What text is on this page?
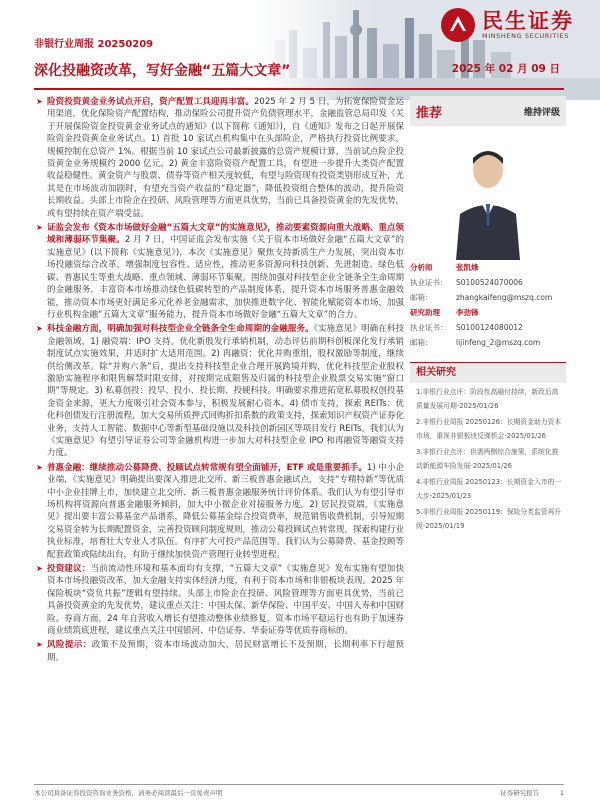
民生证券
MINSHENG SECURITIES
非银行业周报 20250209
深化投融资改革，写好金融“五篇大文章”	2025 年 02 月 09 日
➤ 险资投资黄金业务试点开启，资产配置工具迎再丰富。2025 年 2 月 5 日，为拓宽保险资金运用渠道，优化保险资产配置结构，推动保险公司提升资产负债管理水平，金融监管总局印发《关于开展保险资金投资黄金业务试点的通知》(以下简称《通知》)，自《通知》发布之日起开展保险资金投资黄金业务试点。1) 首批 10 家试点机构集中在头部险企，严格执行投资比例要求，规模控制在总资产 1%。根据当前 10 家试点公司最新披露的总资产规模计算，当前试点险企投资黄金业务规模约 2000 亿元。2) 黄金丰富险资资产配置工具，有望进一步提升大类资产配置收益稳健性。黄金资产与股票、债券等资产相关度较低，有望与险资现有投资类别形成互补，尤其是在市场波动加剧时，有望充当资产收益的“稳定器”，降低投资组合整体的波动，提升险资长期收益。头部上市险企在投研、风险管理等方面更具优势，当前已具备投资黄金的先发优势，或有望持续在资产端受益。
➤ 证监会发布《资本市场做好金融“五篇大文章”的实施意见》，推动要素资源向重大战略、重点领域和薄弱环节集聚。2 月 7 日，中国证监会发布实施《关于资本市场做好金融“五篇大文章”的实施意见》(以下简称《实施意见》)，本次《实施意见》聚焦支持新质生产力发展，突出资本市场投融资综合改革，增强制度包容性、适应性，推动更多资源向科技创新、先进制造、绿色低碳、普惠民生等重大战略、重点领域、薄弱环节集聚。围绕加强对科技型企业全链条全生命周期的金融服务，丰富资本市场推动绿色低碳转型的产品制度体系，提升资本市场服务普惠金融效能，推动资本市场更好满足多元化养老金融需求，加快推进数字化、智能化赋能资本市场，加强行业机构金融“五篇大文章”服务能力，提升资本市场做好金融“五篇大文章”的合力。
➤ 科技金融方面，明确加强对科技型企业全链条全生命周期的金融服务。《实施意见》明确在科技金融领域，1) 融资端：IPO 支持。优化新股发行承销机制，动态评估前期科创板深化发行承销制度试点实施效果，并适时扩大适用范围。2) 再融资：优化并购重组，股权激励等制度，继续供给侧改革。除“并购六条”后，提出支持科技型企业合理开展跨境并购，优化科技型企业股权激励实施程序和限售解禁时限安排，对按期完成限售及归属的科技型企业股票交易实施“窗口期”等规定。3) 私募创投：投早、投小、投长期、投硬科技。明确要求推进拓宽私募股权创投基金资金来源，更大力度吸引社会资本参与，积极发展耐心资本。4) 债市支持，探索 REITs：优化科创债发行注册流程，加大交易所质押式回购折扣系数的政策支持，探索知识产权资产证券化业务，支持人工智能、数据中心等新型基础设施以及科技创新园区等项目发行 REITs。我们认为《实施意见》有望引导证券公司等金融机构进一步加大对科技型企业 IPO 和再融资等融资支持力度。
➤ 普惠金融：继续推动公募降费、投顾试点转常规有望全面铺开，ETF 或是重要抓手。1) 中小企业端，《实施意见》明确提出要深入推进北交所、新三板普惠金融试点，支持“专精特新”等优质中小企业挂牌上市，加快建立北交所、新三板普惠金融服务统计评价体系。我们认为有望引导市场机构将资源向普惠金融服务倾斜，加大中小微企业对接服务力度。2) 居民投资端，《实施意见》提出要丰富公募基金产品谱系，降低公募基金综合投资费率，规范销售收费机制，引导短期交易资金转为长期配置资金，完善投资顾问制度规则，推动公募投顾试点转常规，探索构建行业执业标准，培育壮大专业人才队伍。有序扩大可投产品范围等。我们认为公募降费、基金投顾等配套政策或陆续出台，有助于继续加快资产管理行业转型进程。
➤ 投资建议：当前流动性环境和基本面均有支撑，“五篇大文章”《实施意见》发布实施有望加快资本市场投融资改革，加大金融支持实体经济力度，有利于资本市场和非银板块表现。2025 年保险板块“资负共振”逻辑有望持续。头部上市险企在投研、风险管理等方面更具优势，当前已具备投资黄金的先发优势，建议重点关注：中国太保、新华保险、中国平安、中国人寿和中国财险。券商方面，24 年自营收入增长有望推动整体业绩修复，资本市场平稳运行也有助于加速券商业绩筑底进程，建议重点关注中国银河、中信证券、华泰证券等优质券商标的。
➤ 风险提示：政策不及预期，资本市场波动加大，居民财富增长不及预期，长期利率下行超预期。
推荐	维持评级
分析师	张凯烽
执业证书：	S0100524070006
邮箱：	zhangkaifeng@mszq.com
研究助理	李劲锋
执业证书：	S0100124080012
邮箱：	lijinfeng_2@mszq.com
相关研究
1.非银行业点评：阶段性高融付持续，新政后高质量发展可期-2025/01/26
2.非银行业周报 20250126：长期资金助力资本市场，重视非银板块反弹机会-2025/01/26
3.非银行业点评：供需两侧综合施策，系统化推动新能源车险发展-2025/01/26
4.非银行业周报 20250123：长期资金入市的一大步-2025/01/23
5.非银行业周报 20250119：保险分类监管再升级-2025/01/19
本公司具备证券投资咨询业务资格，请务必阅读最后一页免责声明	证券研究报告	1
